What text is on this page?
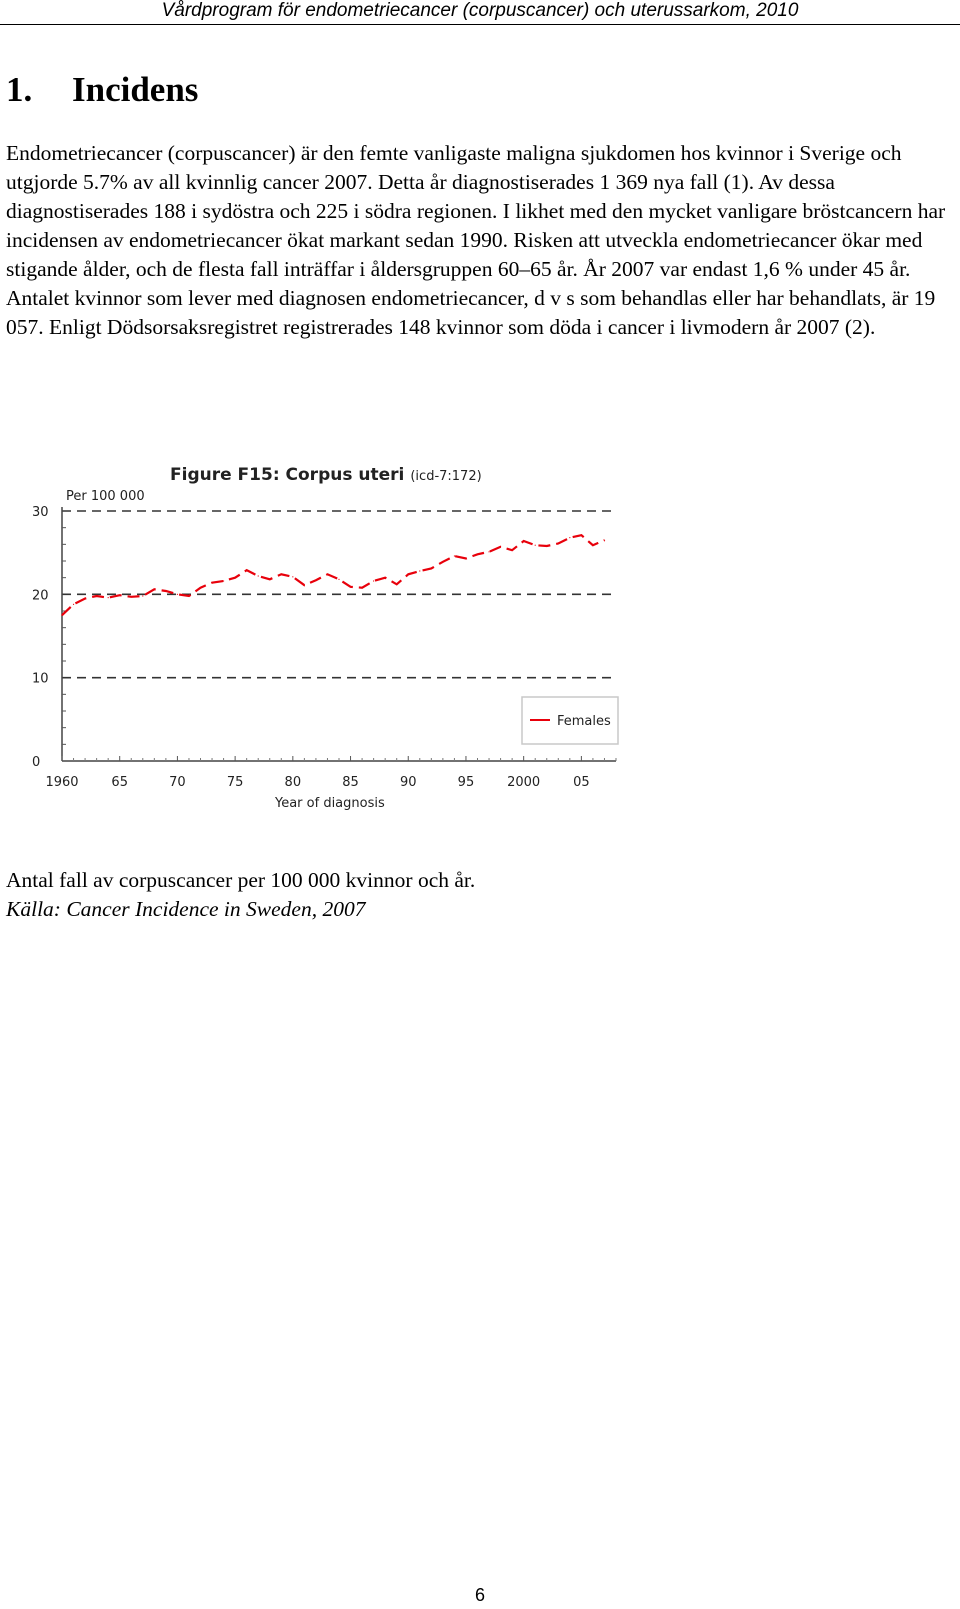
Vårdprogram för endometriecancer (corpuscancer) och uterussarkom, 2010
1. Incidens
Endometriecancer (corpuscancer) är den femte vanligaste maligna sjukdomen hos kvinnor i Sverige och utgjorde 5.7% av all kvinnlig cancer 2007. Detta år diagnostiserades 1 369 nya fall (1). Av dessa diagnostiserades 188 i sydöstra och 225 i södra regionen. I likhet med den mycket vanligare bröstcancern har incidensen av endometriecancer ökat markant sedan 1990. Risken att utveckla endometriecancer ökar med stigande ålder, och de flesta fall inträffar i åldersgruppen 60–65 år. År 2007 var endast 1,6 % under 45 år. Antalet kvinnor som lever med diagnosen endometriecancer, d v s som behandlas eller har behandlats, är 19 057. Enligt Dödsorsaksregistret registrerades 148 kvinnor som döda i cancer i livmodern år 2007 (2).
Figure F15: Corpus uteri (icd-7:172)
Per 100 000
Year of diagnosis
0
10
20
30
1960	65	70	75	80	85	90	95	2000	05
Females
Antal fall av corpuscancer per 100 000 kvinnor och år.
Källa: Cancer Incidence in Sweden, 2007
6
